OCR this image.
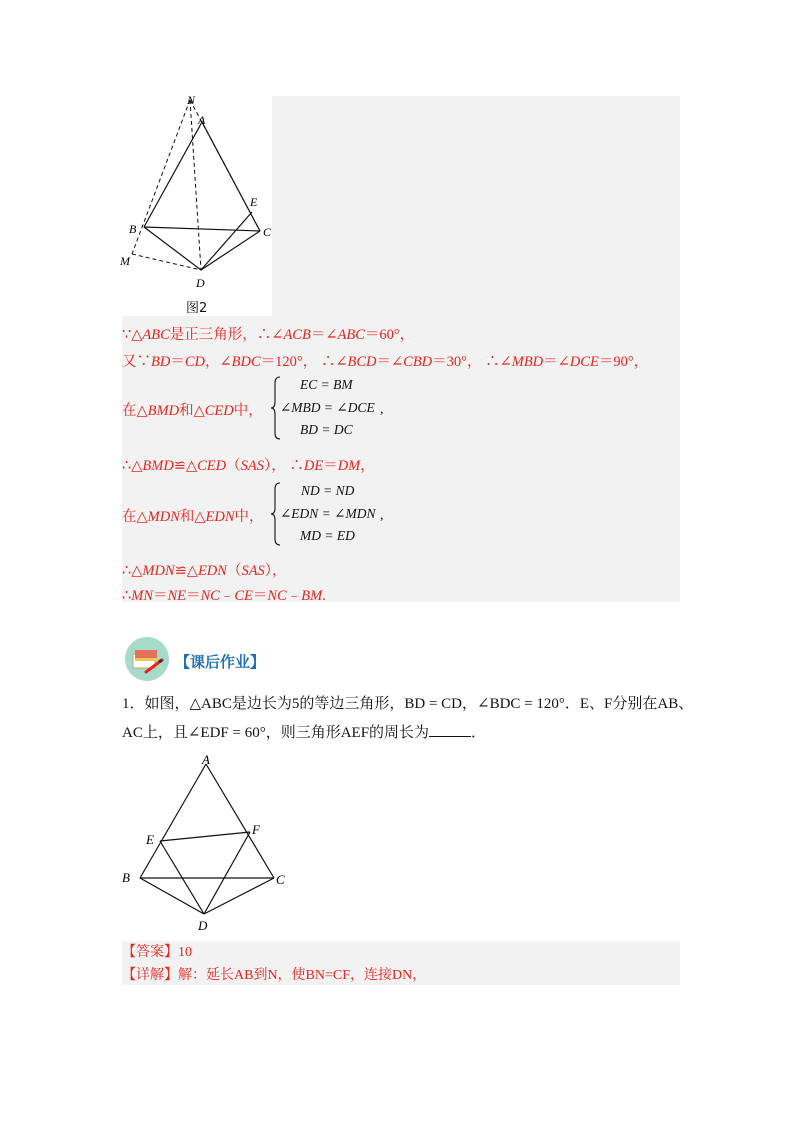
N
A
E
B	C
M
D
图2
∵△ABC是正三角形，∴∠ACB＝∠ABC＝60°，
又∵BD＝CD，∠BDC＝120°， ∴∠BCD＝∠CBD＝30°， ∴∠MBD＝∠DCE＝90°，
在△BMD和△CED中，
EC = BM
∠MBD = ∠DCE ,
BD = DC
∴△BMD≌△CED（SAS）， ∴DE＝DM，
在△MDN和△EDN中，
ND = ND
∠EDN = ∠MDN ,
MD = ED
∴△MDN≌△EDN（SAS），
∴MN＝NE＝NC﹣CE＝NC﹣BM.
【课后作业】
1．如图，△ABC是边长为5的等边三角形，BD = CD，∠BDC = 120°．E、F分别在AB、
AC上，且∠EDF = 60°，则三角形AEF的周长为	．
A
E
F
B	C
D
【答案】10
【详解】解：延长AB到N，使BN=CF，连接DN，
